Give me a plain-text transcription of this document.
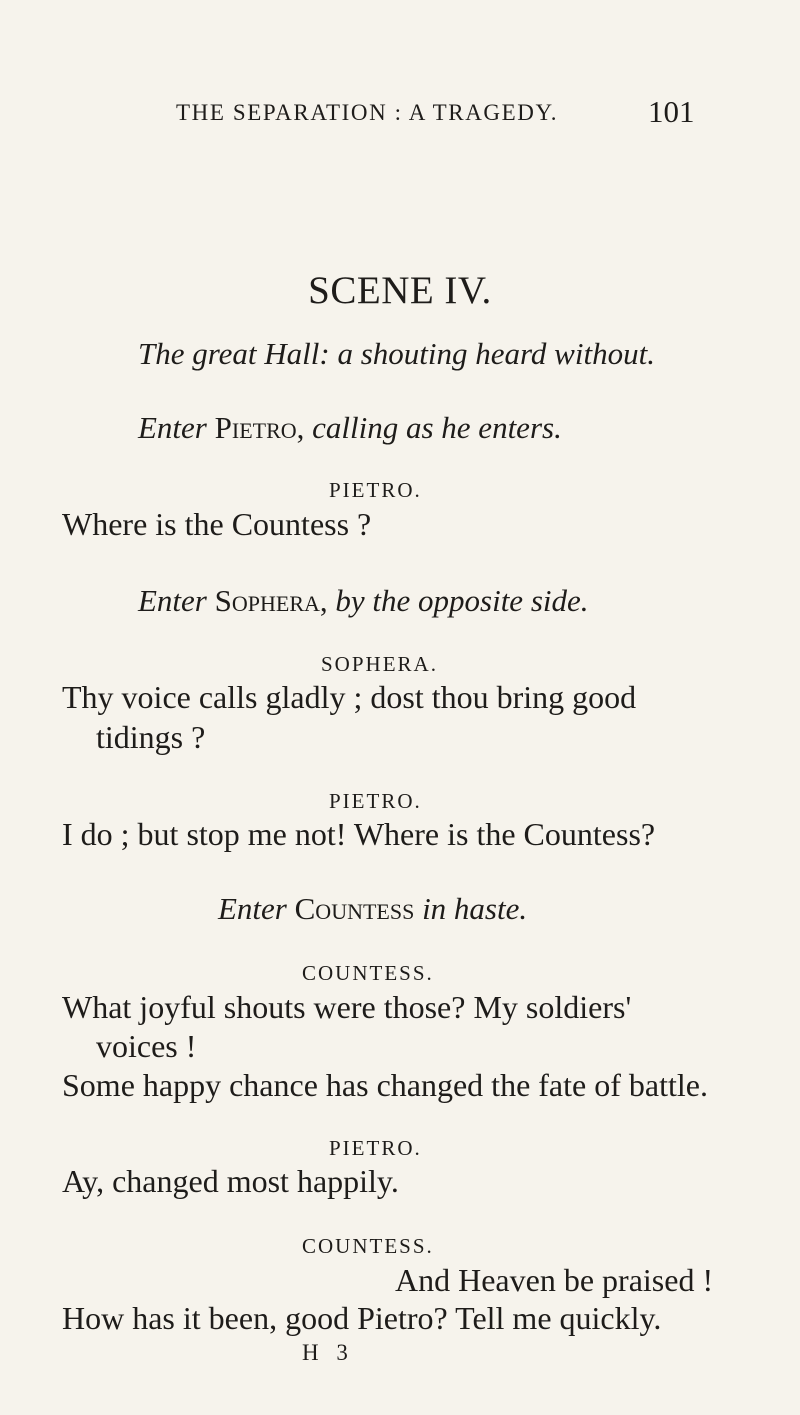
THE SEPARATION : A TRAGEDY.	101
SCENE IV.
The great Hall: a shouting heard without.
Enter Pietro, calling as he enters.
PIETRO.
Where is the Countess ?
Enter Sophera, by the opposite side.
SOPHERA.
Thy voice calls gladly ; dost thou bring good
tidings ?
PIETRO.
I do ; but stop me not! Where is the Countess?
Enter Countess in haste.
COUNTESS.
What joyful shouts were those? My soldiers'
voices !
Some happy chance has changed the fate of battle.
PIETRO.
Ay, changed most happily.
COUNTESS.
And Heaven be praised !
How has it been, good Pietro? Tell me quickly.
H 3
